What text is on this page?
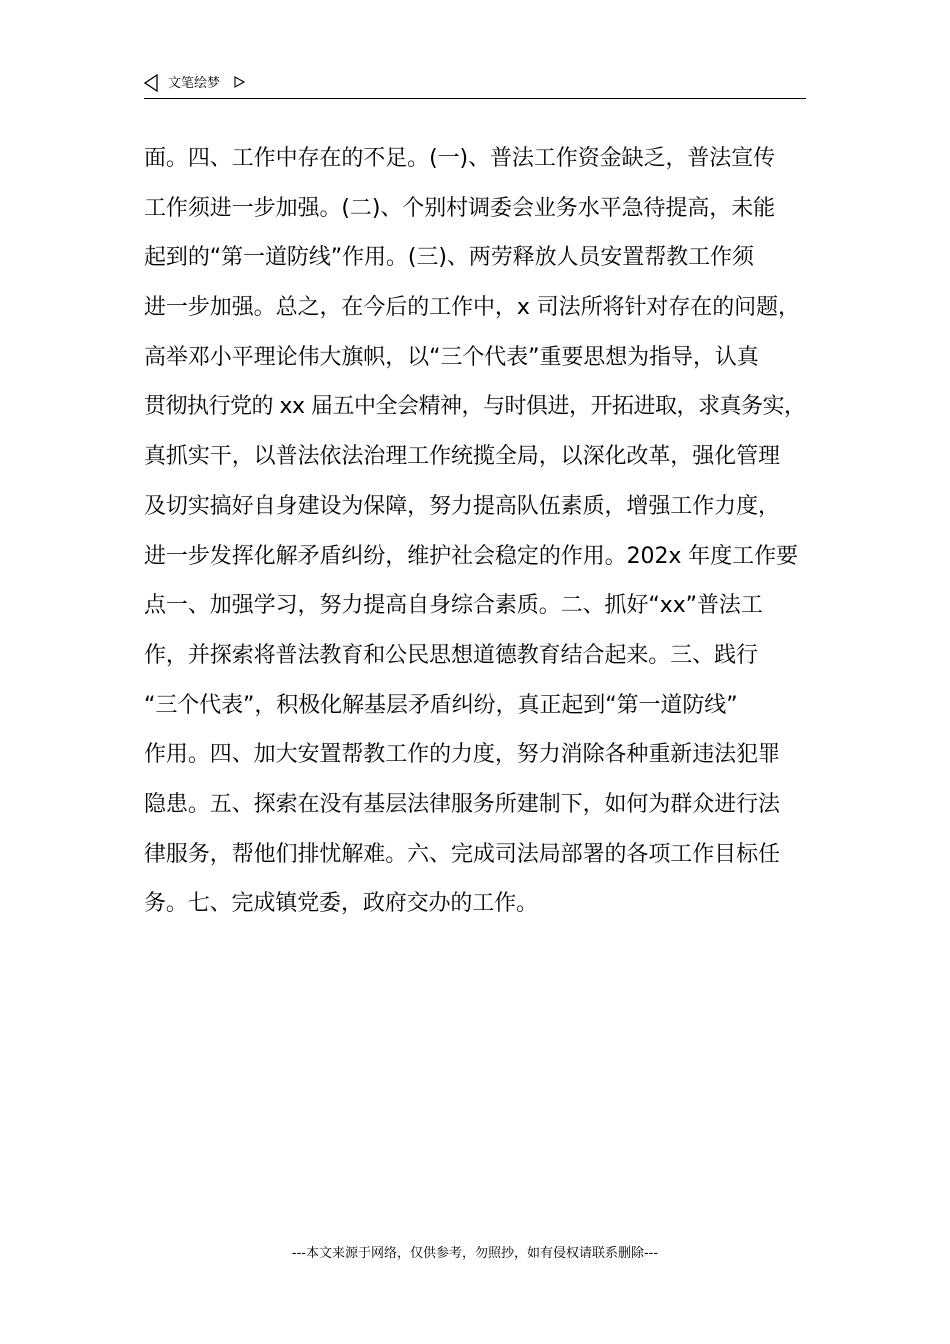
文笔绘梦
面。四、工作中存在的不足。(一)、普法工作资金缺乏，普法宣传
工作须进一步加强。(二)、个别村调委会业务水平急待提高，未能
起到的“第一道防线”作用。(三)、两劳释放人员安置帮教工作须
进一步加强。总之，在今后的工作中，x 司法所将针对存在的问题，
高举邓小平理论伟大旗帜，以“三个代表”重要思想为指导，认真
贯彻执行党的 xx 届五中全会精神，与时俱进，开拓进取，求真务实，
真抓实干，以普法依法治理工作统揽全局，以深化改革，强化管理
及切实搞好自身建设为保障，努力提高队伍素质，增强工作力度，
进一步发挥化解矛盾纠纷，维护社会稳定的作用。202x 年度工作要
点一、加强学习，努力提高自身综合素质。二、抓好“xx”普法工
作，并探索将普法教育和公民思想道德教育结合起来。三、践行
“三个代表”，积极化解基层矛盾纠纷，真正起到“第一道防线”
作用。四、加大安置帮教工作的力度，努力消除各种重新违法犯罪
隐患。五、探索在没有基层法律服务所建制下，如何为群众进行法
律服务，帮他们排忧解难。六、完成司法局部署的各项工作目标任
务。七、完成镇党委，政府交办的工作。
---本文来源于网络，仅供参考，勿照抄，如有侵权请联系删除---
